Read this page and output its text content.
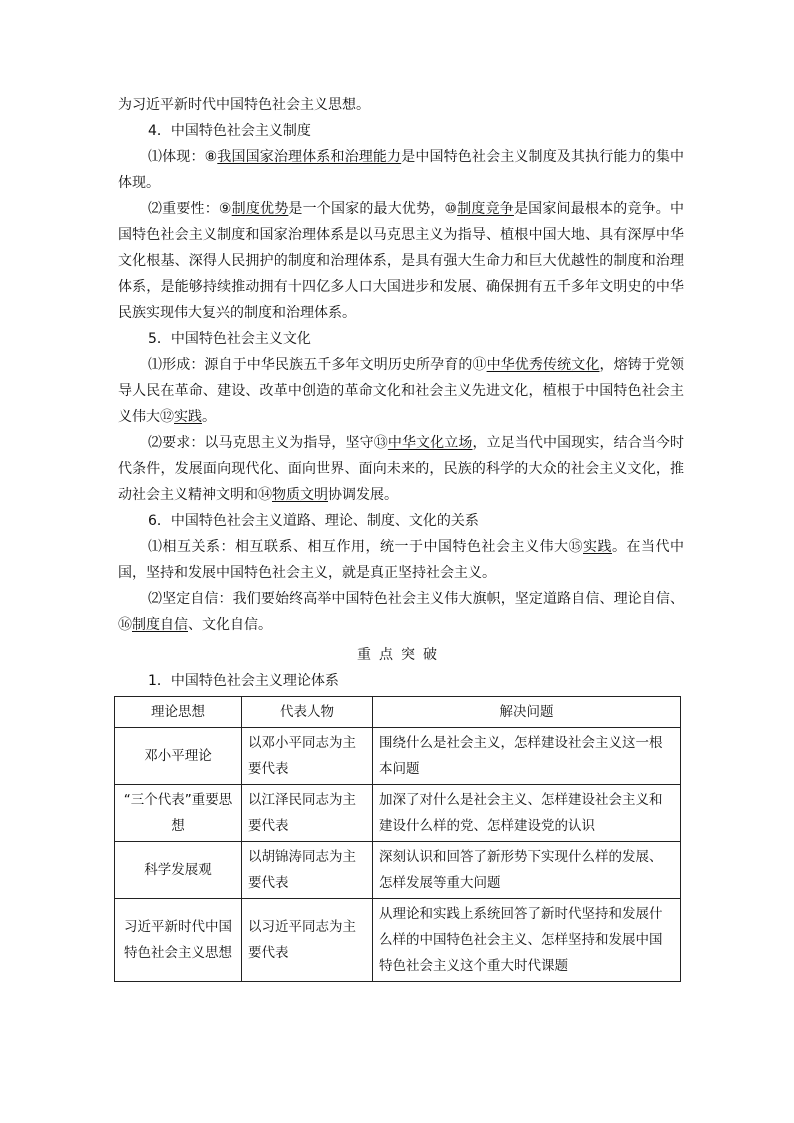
为习近平新时代中国特色社会主义思想。

4．中国特色社会主义制度

⑴体现：⑧我国国家治理体系和治理能力是中国特色社会主义制度及其执行能力的集中体现。

⑵重要性：⑨制度优势是一个国家的最大优势，⑩制度竞争是国家间最根本的竞争。中国特色社会主义制度和国家治理体系是以马克思主义为指导、植根中国大地、具有深厚中华文化根基、深得人民拥护的制度和治理体系，是具有强大生命力和巨大优越性的制度和治理体系，是能够持续推动拥有十四亿多人口大国进步和发展、确保拥有五千多年文明史的中华民族实现伟大复兴的制度和治理体系。

5．中国特色社会主义文化

⑴形成：源自于中华民族五千多年文明历史所孕育的⑪中华优秀传统文化，熔铸于党领导人民在革命、建设、改革中创造的革命文化和社会主义先进文化，植根于中国特色社会主义伟大⑫实践。

⑵要求：以马克思主义为指导，坚守⑬中华文化立场，立足当代中国现实，结合当今时代条件，发展面向现代化、面向世界、面向未来的，民族的科学的大众的社会主义文化，推动社会主义精神文明和⑭物质文明协调发展。

6．中国特色社会主义道路、理论、制度、文化的关系

⑴相互关系：相互联系、相互作用，统一于中国特色社会主义伟大⑮实践。在当代中国，坚持和发展中国特色社会主义，就是真正坚持社会主义。

⑵坚定自信：我们要始终高举中国特色社会主义伟大旗帜，坚定道路自信、理论自信、⑯制度自信、文化自信。

重点突破

1．中国特色社会主义理论体系

理论思想	代表人物	解决问题
邓小平理论	以邓小平同志为主要代表	围绕什么是社会主义，怎样建设社会主义这一根本问题
“三个代表”重要思想	以江泽民同志为主要代表	加深了对什么是社会主义、怎样建设社会主义和建设什么样的党、怎样建设党的认识
科学发展观	以胡锦涛同志为主要代表	深刻认识和回答了新形势下实现什么样的发展、怎样发展等重大问题
习近平新时代中国特色社会主义思想	以习近平同志为主要代表	从理论和实践上系统回答了新时代坚持和发展什么样的中国特色社会主义、怎样坚持和发展中国特色社会主义这个重大时代课题
